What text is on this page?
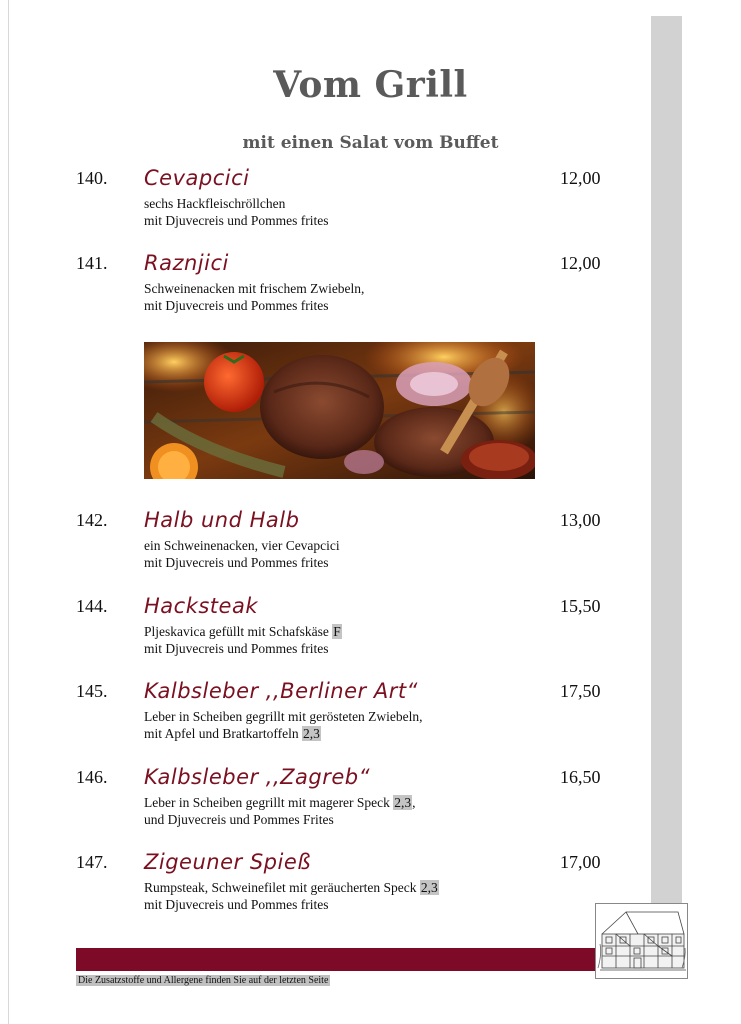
Vom Grill
mit einen Salat vom Buffet
140. Cevapcici	12,00
sechs Hackfleischröllchen
mit Djuvecreis und Pommes frites
141. Raznjici	12,00
Schweinenacken mit frischem Zwiebeln,
mit Djuvecreis und Pommes frites
142. Halb und Halb	13,00
ein Schweinenacken, vier Cevapcici
mit Djuvecreis und Pommes frites
144. Hacksteak	15,50
Pljeskavica gefüllt mit Schafskäse F
mit Djuvecreis und Pommes frites
145. Kalbsleber ,,Berliner Art“	17,50
Leber in Scheiben gegrillt mit gerösteten Zwiebeln,
mit Apfel und Bratkartoffeln 2,3
146. Kalbsleber ,,Zagreb“	16,50
Leber in Scheiben gegrillt mit magerer Speck 2,3,
und Djuvecreis und Pommes Frites
147. Zigeuner Spieß	17,00
Rumpsteak, Schweinefilet mit geräucherten Speck 2,3
mit Djuvecreis und Pommes frites
Die Zusatzstoffe und Allergene finden Sie auf der letzten Seite
